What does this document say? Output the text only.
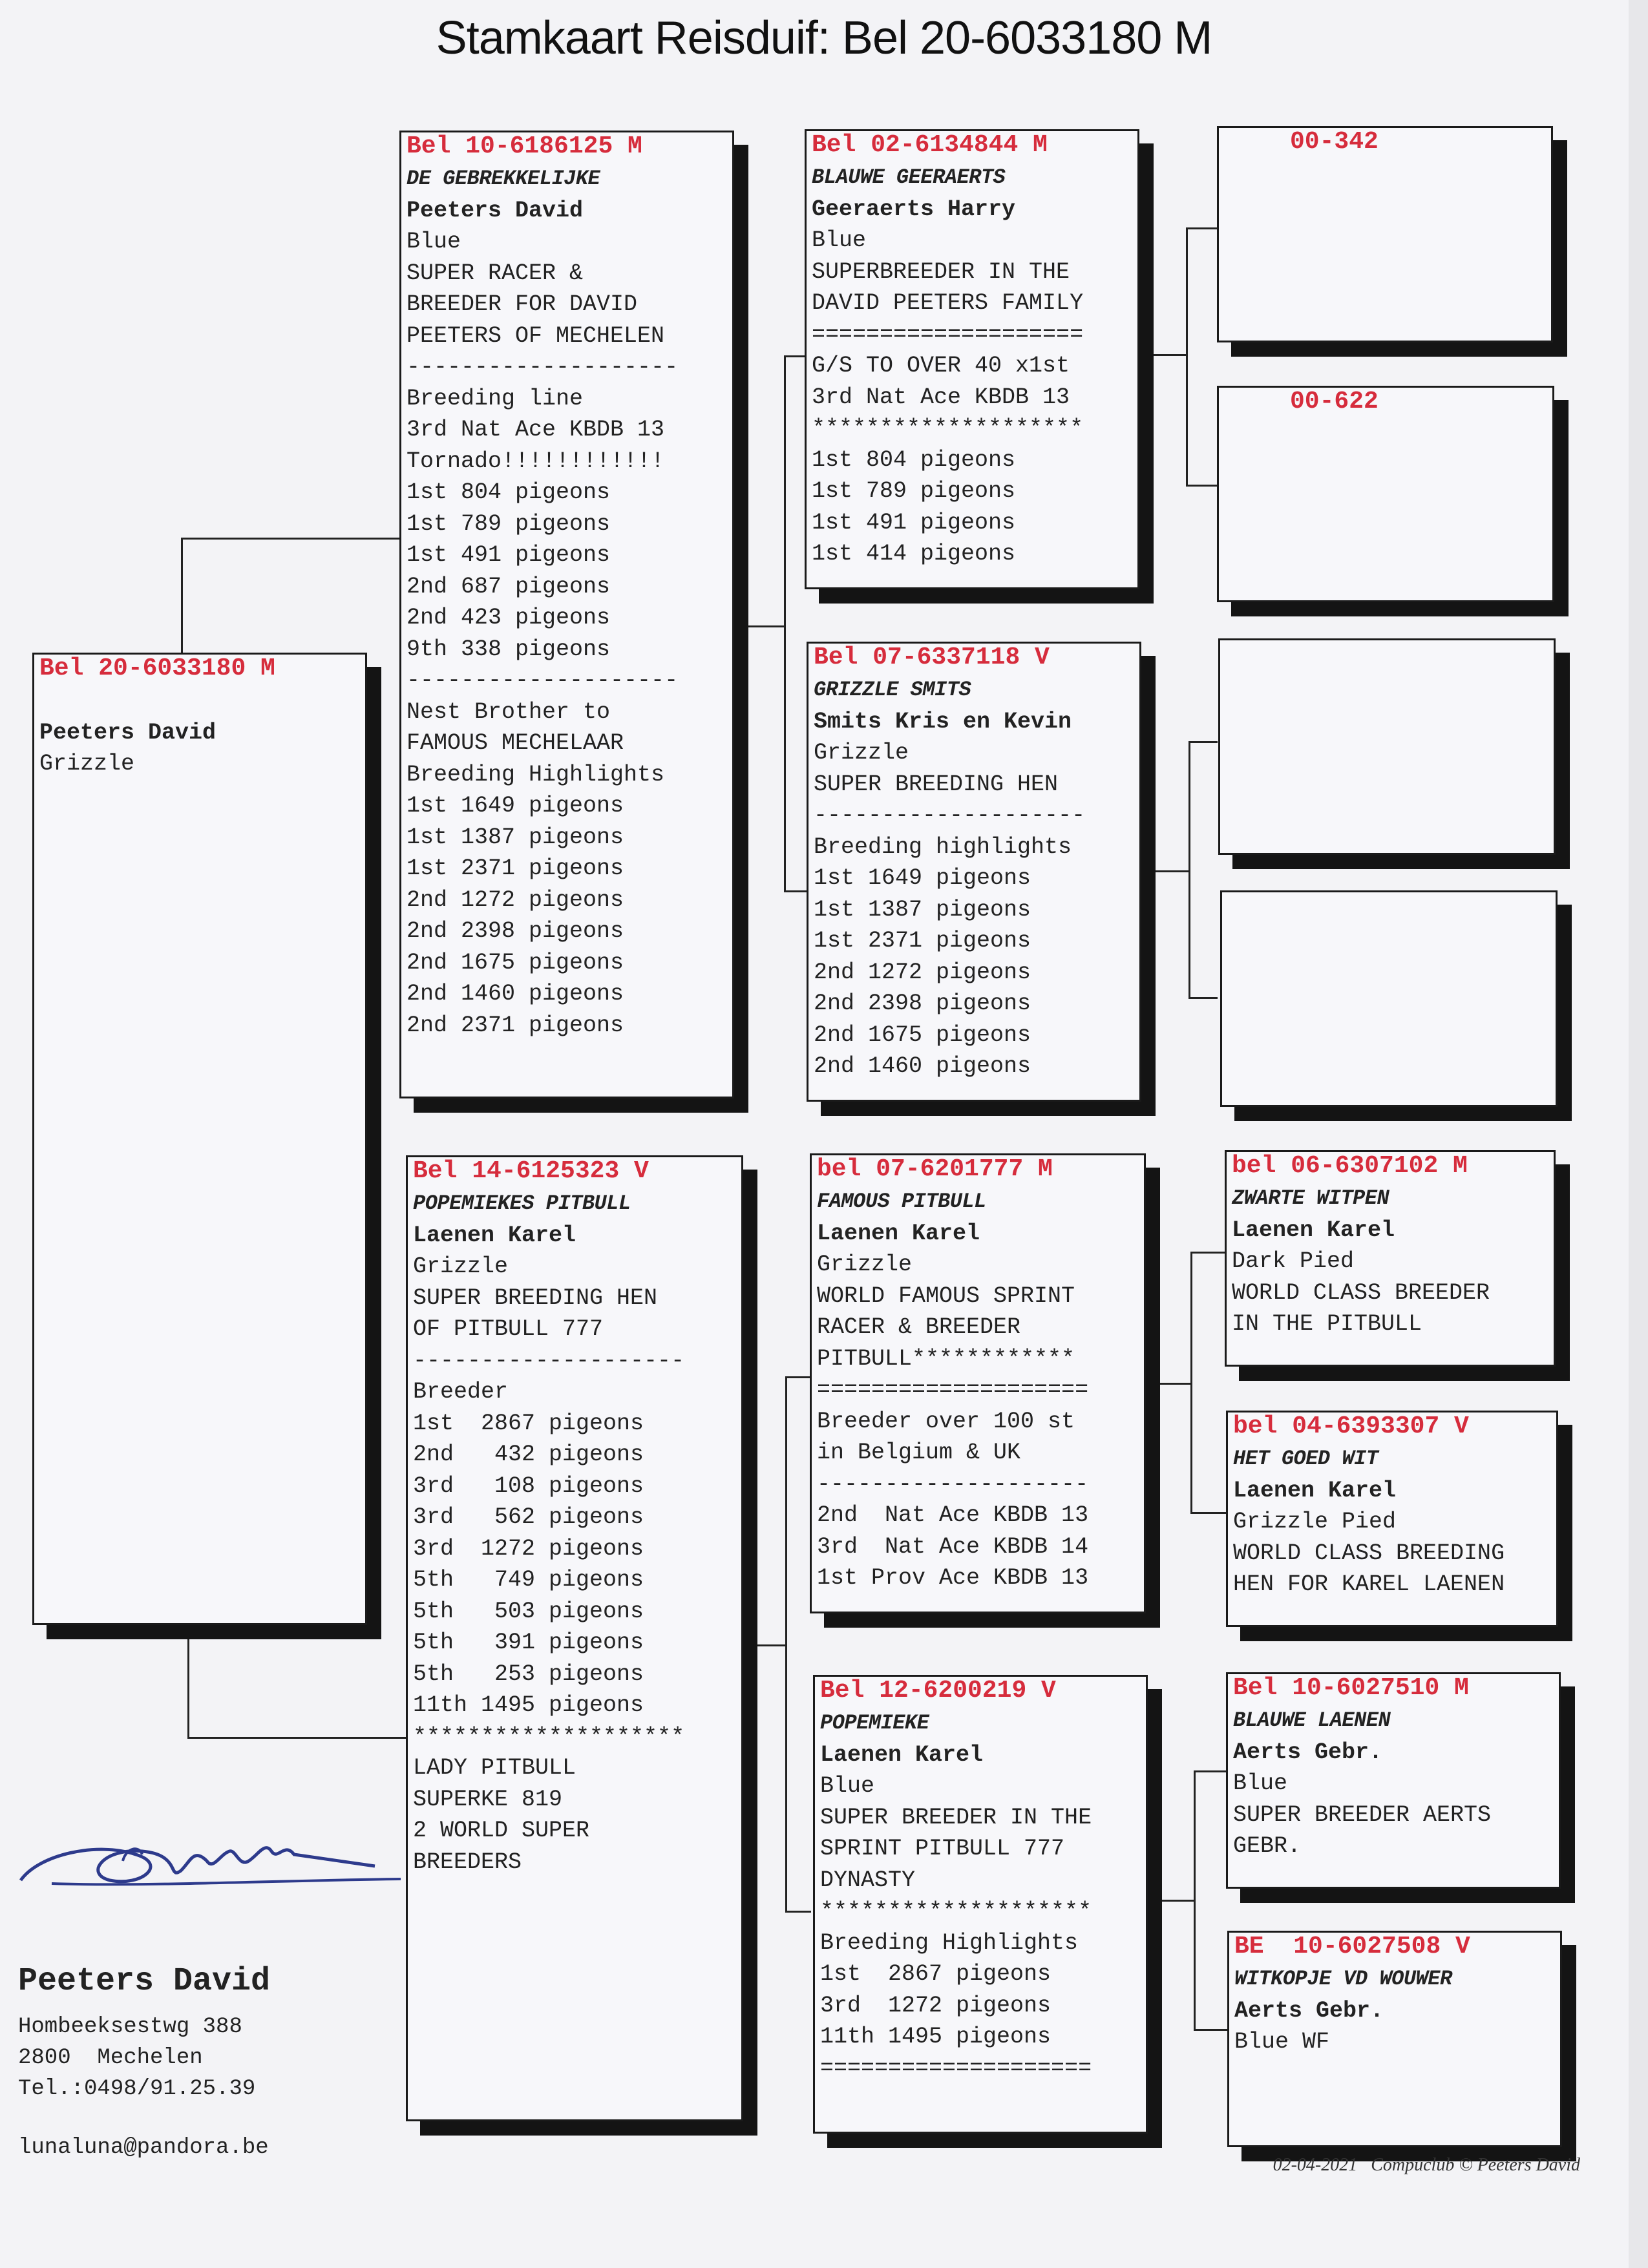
Stamkaart Reisduif: Bel 20-6033180 M
Bel 20-6033180 M

Peeters David
Grizzle
Bel 10-6186125 M
DE GEBREKKELIJKE
Peeters David
Blue
SUPER RACER &
BREEDER FOR DAVID
PEETERS OF MECHELEN
--------------------
Breeding line
3rd Nat Ace KBDB 13
Tornado!!!!!!!!!!!!
1st 804 pigeons
1st 789 pigeons
1st 491 pigeons
2nd 687 pigeons
2nd 423 pigeons
9th 338 pigeons
--------------------
Nest Brother to
FAMOUS MECHELAAR
Breeding Highlights
1st 1649 pigeons
1st 1387 pigeons
1st 2371 pigeons
2nd 1272 pigeons
2nd 2398 pigeons
2nd 1675 pigeons
2nd 1460 pigeons
2nd 2371 pigeons
Bel 14-6125323 V
POPEMIEKES PITBULL
Laenen Karel
Grizzle
SUPER BREEDING HEN
OF PITBULL 777
--------------------
Breeder
1st  2867 pigeons
2nd   432 pigeons
3rd   108 pigeons
3rd   562 pigeons
3rd  1272 pigeons
5th   749 pigeons
5th   503 pigeons
5th   391 pigeons
5th   253 pigeons
11th 1495 pigeons
********************
LADY PITBULL
SUPERKE 819
2 WORLD SUPER
BREEDERS
Bel 02-6134844 M
BLAUWE GEERAERTS
Geeraerts Harry
Blue
SUPERBREEDER IN THE
DAVID PEETERS FAMILY
====================
G/S TO OVER 40 x1st
3rd Nat Ace KBDB 13
********************
1st 804 pigeons
1st 789 pigeons
1st 491 pigeons
1st 414 pigeons
Bel 07-6337118 V
GRIZZLE SMITS
Smits Kris en Kevin
Grizzle
SUPER BREEDING HEN
--------------------
Breeding highlights
1st 1649 pigeons
1st 1387 pigeons
1st 2371 pigeons
2nd 1272 pigeons
2nd 2398 pigeons
2nd 1675 pigeons
2nd 1460 pigeons
bel 07-6201777 M
FAMOUS PITBULL
Laenen Karel
Grizzle
WORLD FAMOUS SPRINT
RACER & BREEDER
PITBULL************
====================
Breeder over 100 st
in Belgium & UK
--------------------
2nd  Nat Ace KBDB 13
3rd  Nat Ace KBDB 14
1st Prov Ace KBDB 13
Bel 12-6200219 V
POPEMIEKE
Laenen Karel
Blue
SUPER BREEDER IN THE
SPRINT PITBULL 777
DYNASTY
********************
Breeding Highlights
1st  2867 pigeons
3rd  1272 pigeons
11th 1495 pigeons
====================
00-342
00-622
bel 06-6307102 M
ZWARTE WITPEN
Laenen Karel
Dark Pied
WORLD CLASS BREEDER
IN THE PITBULL
bel 04-6393307 V
HET GOED WIT
Laenen Karel
Grizzle Pied
WORLD CLASS BREEDING
HEN FOR KAREL LAENEN
Bel 10-6027510 M
BLAUWE LAENEN
Aerts Gebr.
Blue
SUPER BREEDER AERTS
GEBR.
BE  10-6027508 V
WITKOPJE VD WOUWER
Aerts Gebr.
Blue WF
Peeters David
Hombeeksestwg 388
2800  Mechelen
Tel.:0498/91.25.39
lunaluna@pandora.be
02-04-2021   Compuclub © Peeters David
